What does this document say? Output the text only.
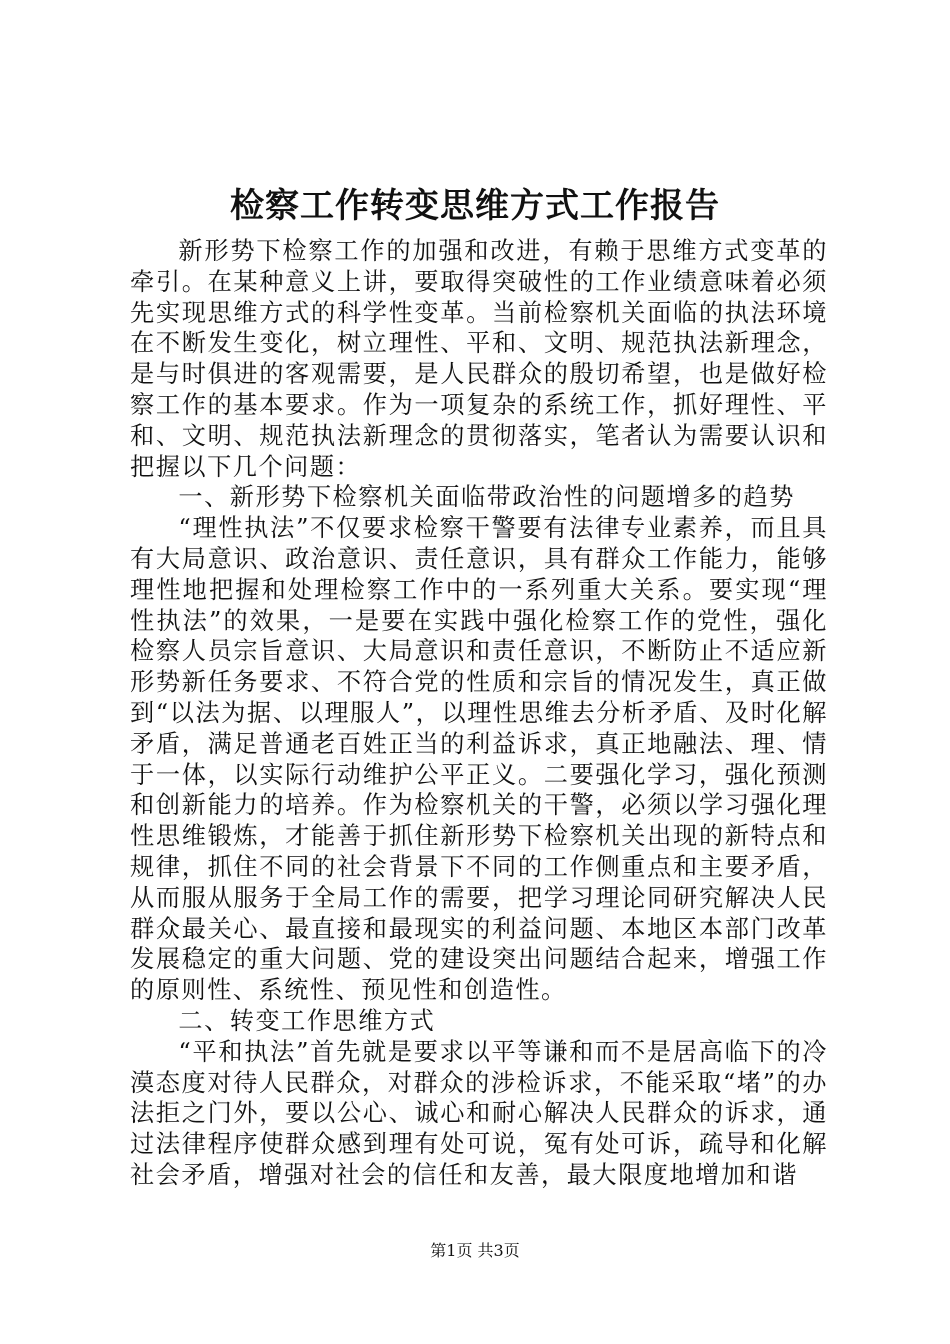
检察工作转变思维方式工作报告

新形势下检察工作的加强和改进，有赖于思维方式变革的牵引。在某种意义上讲，要取得突破性的工作业绩意味着必须先实现思维方式的科学性变革。当前检察机关面临的执法环境在不断发生变化，树立理性、平和、文明、规范执法新理念，是与时俱进的客观需要，是人民群众的殷切希望，也是做好检察工作的基本要求。作为一项复杂的系统工作，抓好理性、平和、文明、规范执法新理念的贯彻落实，笔者认为需要认识和把握以下几个问题：

一、新形势下检察机关面临带政治性的问题增多的趋势

“理性执法”不仅要求检察干警要有法律专业素养，而且具有大局意识、政治意识、责任意识，具有群众工作能力，能够理性地把握和处理检察工作中的一系列重大关系。要实现“理性执法”的效果，一是要在实践中强化检察工作的党性，强化检察人员宗旨意识、大局意识和责任意识，不断防止不适应新形势新任务要求、不符合党的性质和宗旨的情况发生，真正做到“以法为据、以理服人”，以理性思维去分析矛盾、及时化解矛盾，满足普通老百姓正当的利益诉求，真正地融法、理、情于一体，以实际行动维护公平正义。二要强化学习，强化预测和创新能力的培养。作为检察机关的干警，必须以学习强化理性思维锻炼，才能善于抓住新形势下检察机关出现的新特点和规律，抓住不同的社会背景下不同的工作侧重点和主要矛盾，从而服从服务于全局工作的需要，把学习理论同研究解决人民群众最关心、最直接和最现实的利益问题、本地区本部门改革发展稳定的重大问题、党的建设突出问题结合起来，增强工作的原则性、系统性、预见性和创造性。

二、转变工作思维方式

“平和执法”首先就是要求以平等谦和而不是居高临下的冷漠态度对待人民群众，对群众的涉检诉求，不能采取“堵”的办法拒之门外，要以公心、诚心和耐心解决人民群众的诉求，通过法律程序使群众感到理有处可说，冤有处可诉，疏导和化解社会矛盾，增强对社会的信任和友善，最大限度地增加和谐

第1页 共3页
